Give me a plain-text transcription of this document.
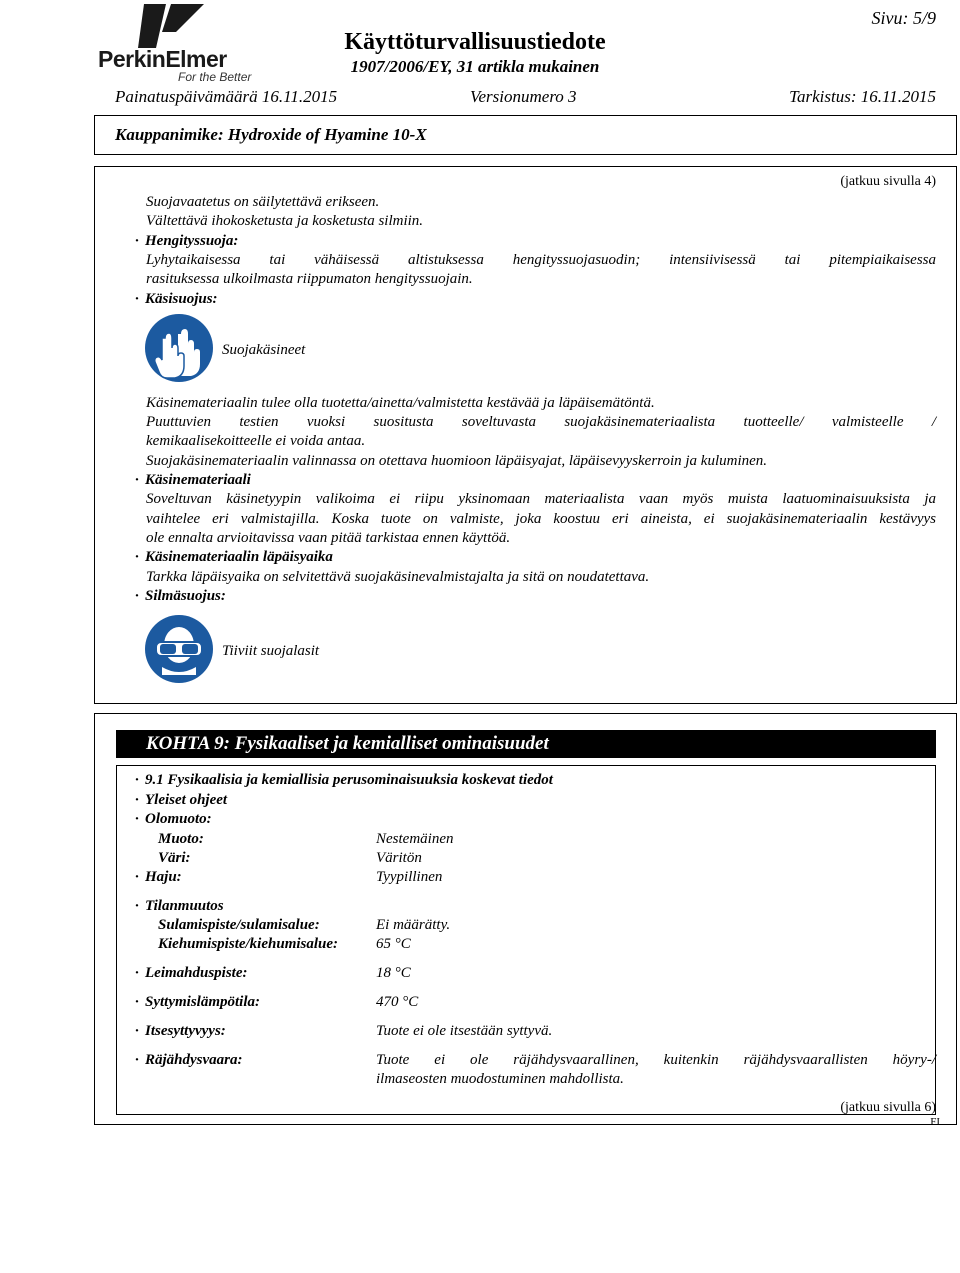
PerkinElmer
For the Better
Käyttöturvallisuustiedote
1907/2006/EY, 31 artikla mukainen
Sivu: 5/9
Painatuspäivämäärä 16.11.2015	Versionumero 3	Tarkistus: 16.11.2015
Kauppanimike: Hydroxide of Hyamine 10-X
(jatkuu sivulla 4)
Suojavaatetus on säilytettävä erikseen.
Vältettävä ihokosketusta ja kosketusta silmiin.
· Hengityssuoja:
Lyhytaikaisessa tai vähäisessä altistuksessa hengityssuojasuodin; intensiivisessä tai pitempiaikaisessa
rasituksessa ulkoilmasta riippumaton hengityssuojain.
· Käsisuojus:
Suojakäsineet
Käsinemateriaalin tulee olla tuotetta/ainetta/valmistetta kestävää ja läpäisemätöntä.
Puuttuvien testien vuoksi suositusta soveltuvasta suojakäsinemateriaalista tuotteelle/ valmisteelle /
kemikaalisekoitteelle ei voida antaa.
Suojakäsinemateriaalin valinnassa on otettava huomioon läpäisyajat, läpäisevyyskerroin ja kuluminen.
· Käsinemateriaali
Soveltuvan käsinetyypin valikoima ei riipu yksinomaan materiaalista vaan myös muista laatuominaisuuksista ja
vaihtelee eri valmistajilla. Koska tuote on valmiste, joka koostuu eri aineista, ei suojakäsinemateriaalin kestävyys
ole ennalta arvioitavissa vaan pitää tarkistaa ennen käyttöä.
· Käsinemateriaalin läpäisyaika
Tarkka läpäisyaika on selvitettävä suojakäsinevalmistajalta ja sitä on noudatettava.
· Silmäsuojus:
Tiiviit suojalasit
KOHTA 9: Fysikaaliset ja kemialliset ominaisuudet
· 9.1 Fysikaalisia ja kemiallisia perusominaisuuksia koskevat tiedot
· Yleiset ohjeet
· Olomuoto:
Muoto:	Nestemäinen
Väri:	Väritön
· Haju:	Tyypillinen
· Tilanmuutos
Sulamispiste/sulamisalue:	Ei määrätty.
Kiehumispiste/kiehumisalue:	65 °C
· Leimahduspiste:	18 °C
· Syttymislämpötila:	470 °C
· Itsesyttyvyys:	Tuote ei ole itsestään syttyvä.
· Räjähdysvaara:	Tuote ei ole räjähdysvaarallinen, kuitenkin räjähdysvaarallisten höyry-/
ilmaseosten muodostuminen mahdollista.
(jatkuu sivulla 6)
FI
